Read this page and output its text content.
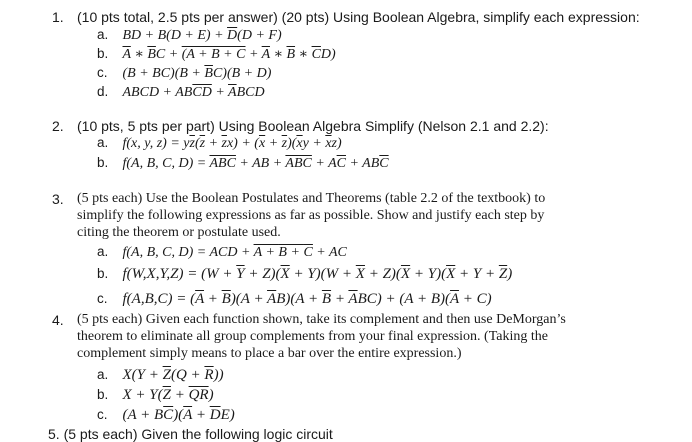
1. (10 pts total, 2.5 pts per answer) (20 pts) Using Boolean Algebra, simplify each expression:
a. BD + $B(D + E) + \overline{D}(D + F)$
b. $\overline{A}$ ∗ $\overline{B}C + (A + B + C + \overline{A}$ ∗ $\overline{B}$ ∗ $\overline{C}D$)
c. $(B + BC)(B + \overline{B}C)(B + D)$
d. ABCD + $AB\overline{CD} + \overline{A}BCD$
2. (10 pts, 5 pts per part) Using Boolean Algebra Simplify (Nelson 2.1 and 2.2):
a. f(x, y, $z) = y\overline{z}(\overline{z} + \overline{z}x) + (\overline{x} + \overline{z})(\overline{x}y + \overline{x}z)$
b. f(A, B, C, $D) = \overline{ABC}$ + AB + $\overline{ABC} + A\overline{C} + AB\overline{C}$
3. (5 pts each) Use the Boolean Postulates and Theorems (table 2.2 of the textbook) to
simplify the following expressions as far as possible. Show and justify each step by
citing the theorem or postulate used.
a. f(A, B, C, D) = ACD + A + B + C + AC
b. $f(W,X,Y,Z) = (W + \overline{Y} + Z)(\overline{X} + Y)(W + \overline{X} + Z)(\overline{X} + Y)(\overline{X} + Y + \overline{Z})$
c. $f(A,B,C) = (\overline{A} + \overline{B})(A + \overline{A}B)(A + \overline{B} + \overline{A}BC) + (A + B)(\overline{A} + C)$
4. (5 pts each) Given each function shown, take its complement and then use DeMorgan’s
theorem to eliminate all group complements from your final expression. (Taking the
complement simply means to place a bar over the entire expression.)
a. $X(Y + \overline{Z}(Q + \overline{R}))$
b. $X + Y(\overline{Z} + \overline{QR})$
c. $(A + B\overline{C})(\overline{A} + \overline{D}E)$
5. (5 pts each) Given the following logic circuit
